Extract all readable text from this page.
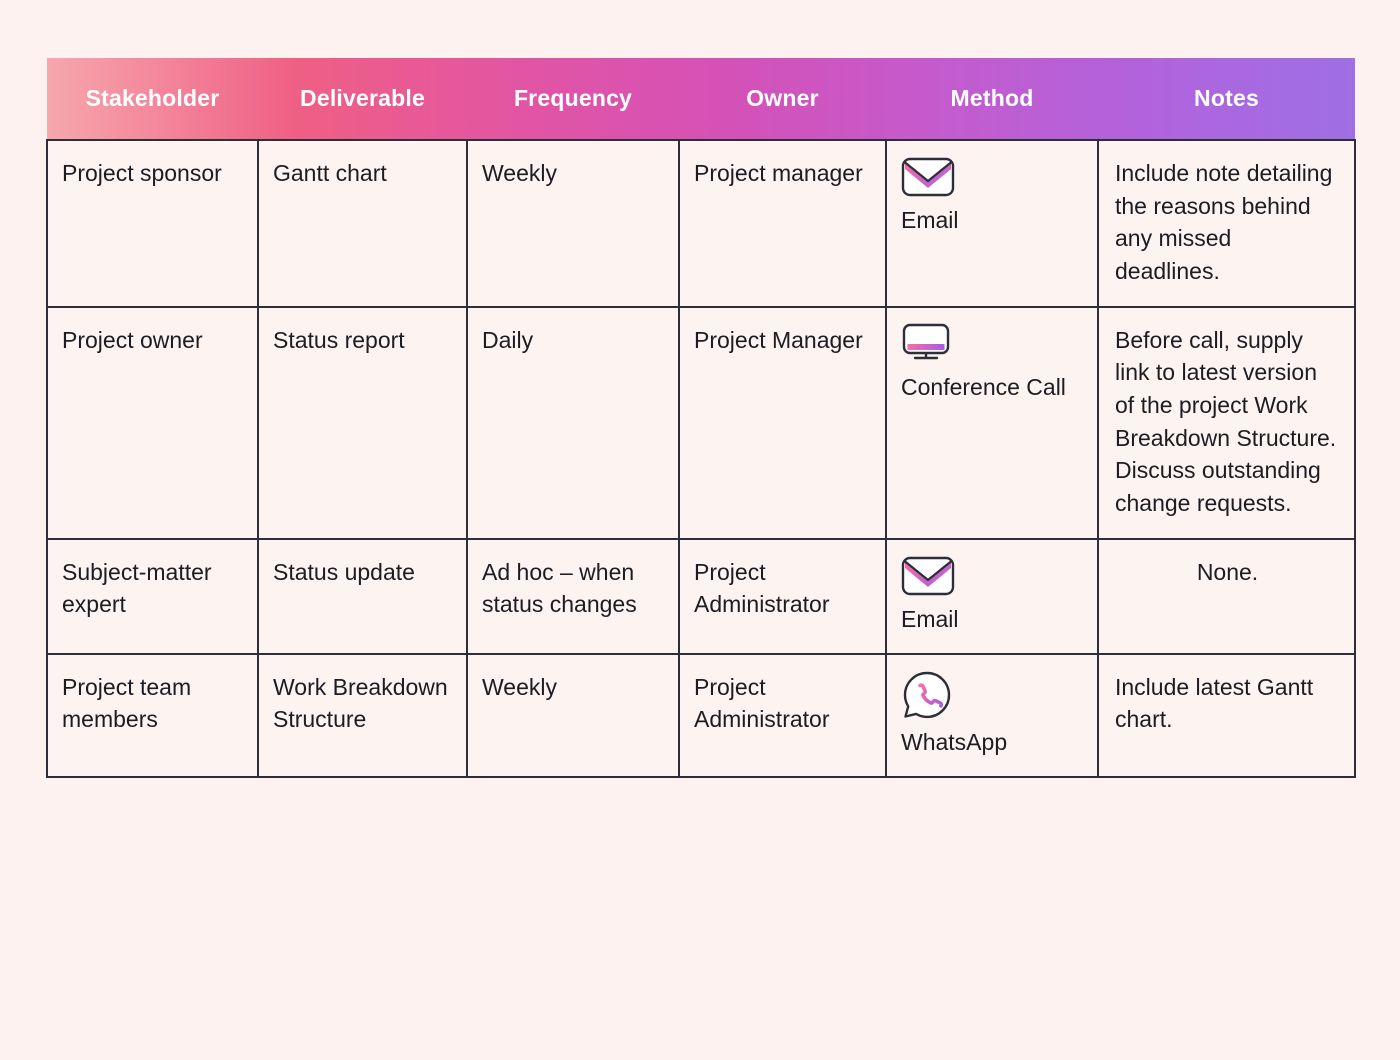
Stakeholder	Deliverable	Frequency	Owner	Method	Notes

Project sponsor	Gantt chart	Weekly	Project manager	Email	Include note detailing the reasons behind any missed deadlines.

Project owner	Status report	Daily	Project Manager	Conference Call	Before call, supply link to latest version of the project Work Breakdown Structure. Discuss outstanding change requests.

Subject-matter expert	Status update	Ad hoc – when status changes	Project Administrator	Email	None.

Project team members	Work Breakdown Structure	Weekly	Project Administrator	WhatsApp	Include latest Gantt chart.
